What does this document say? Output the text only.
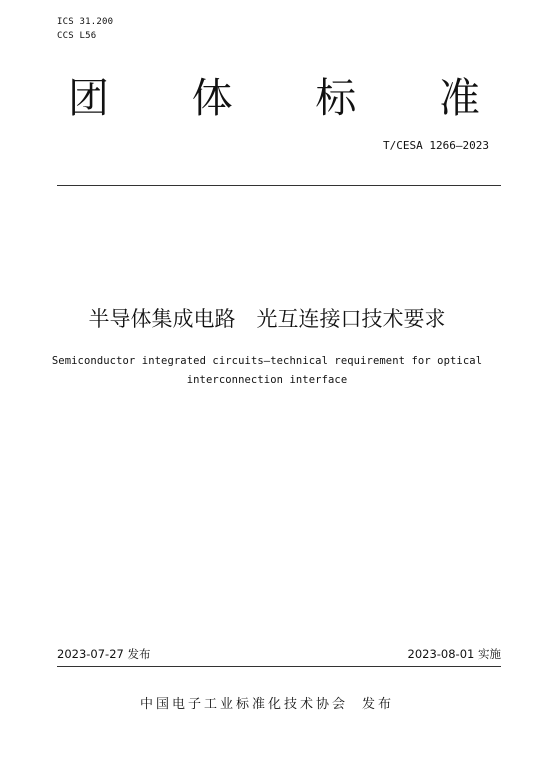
ICS 31.200
CCS L56
团 体 标 准
T/CESA 1266—2023
半导体集成电路　光互连接口技术要求
Semiconductor integrated circuits—technical requirement for optical interconnection interface
2023-07-27 发布	2023-08-01 实施
中国电子工业标准化技术协会 发布
